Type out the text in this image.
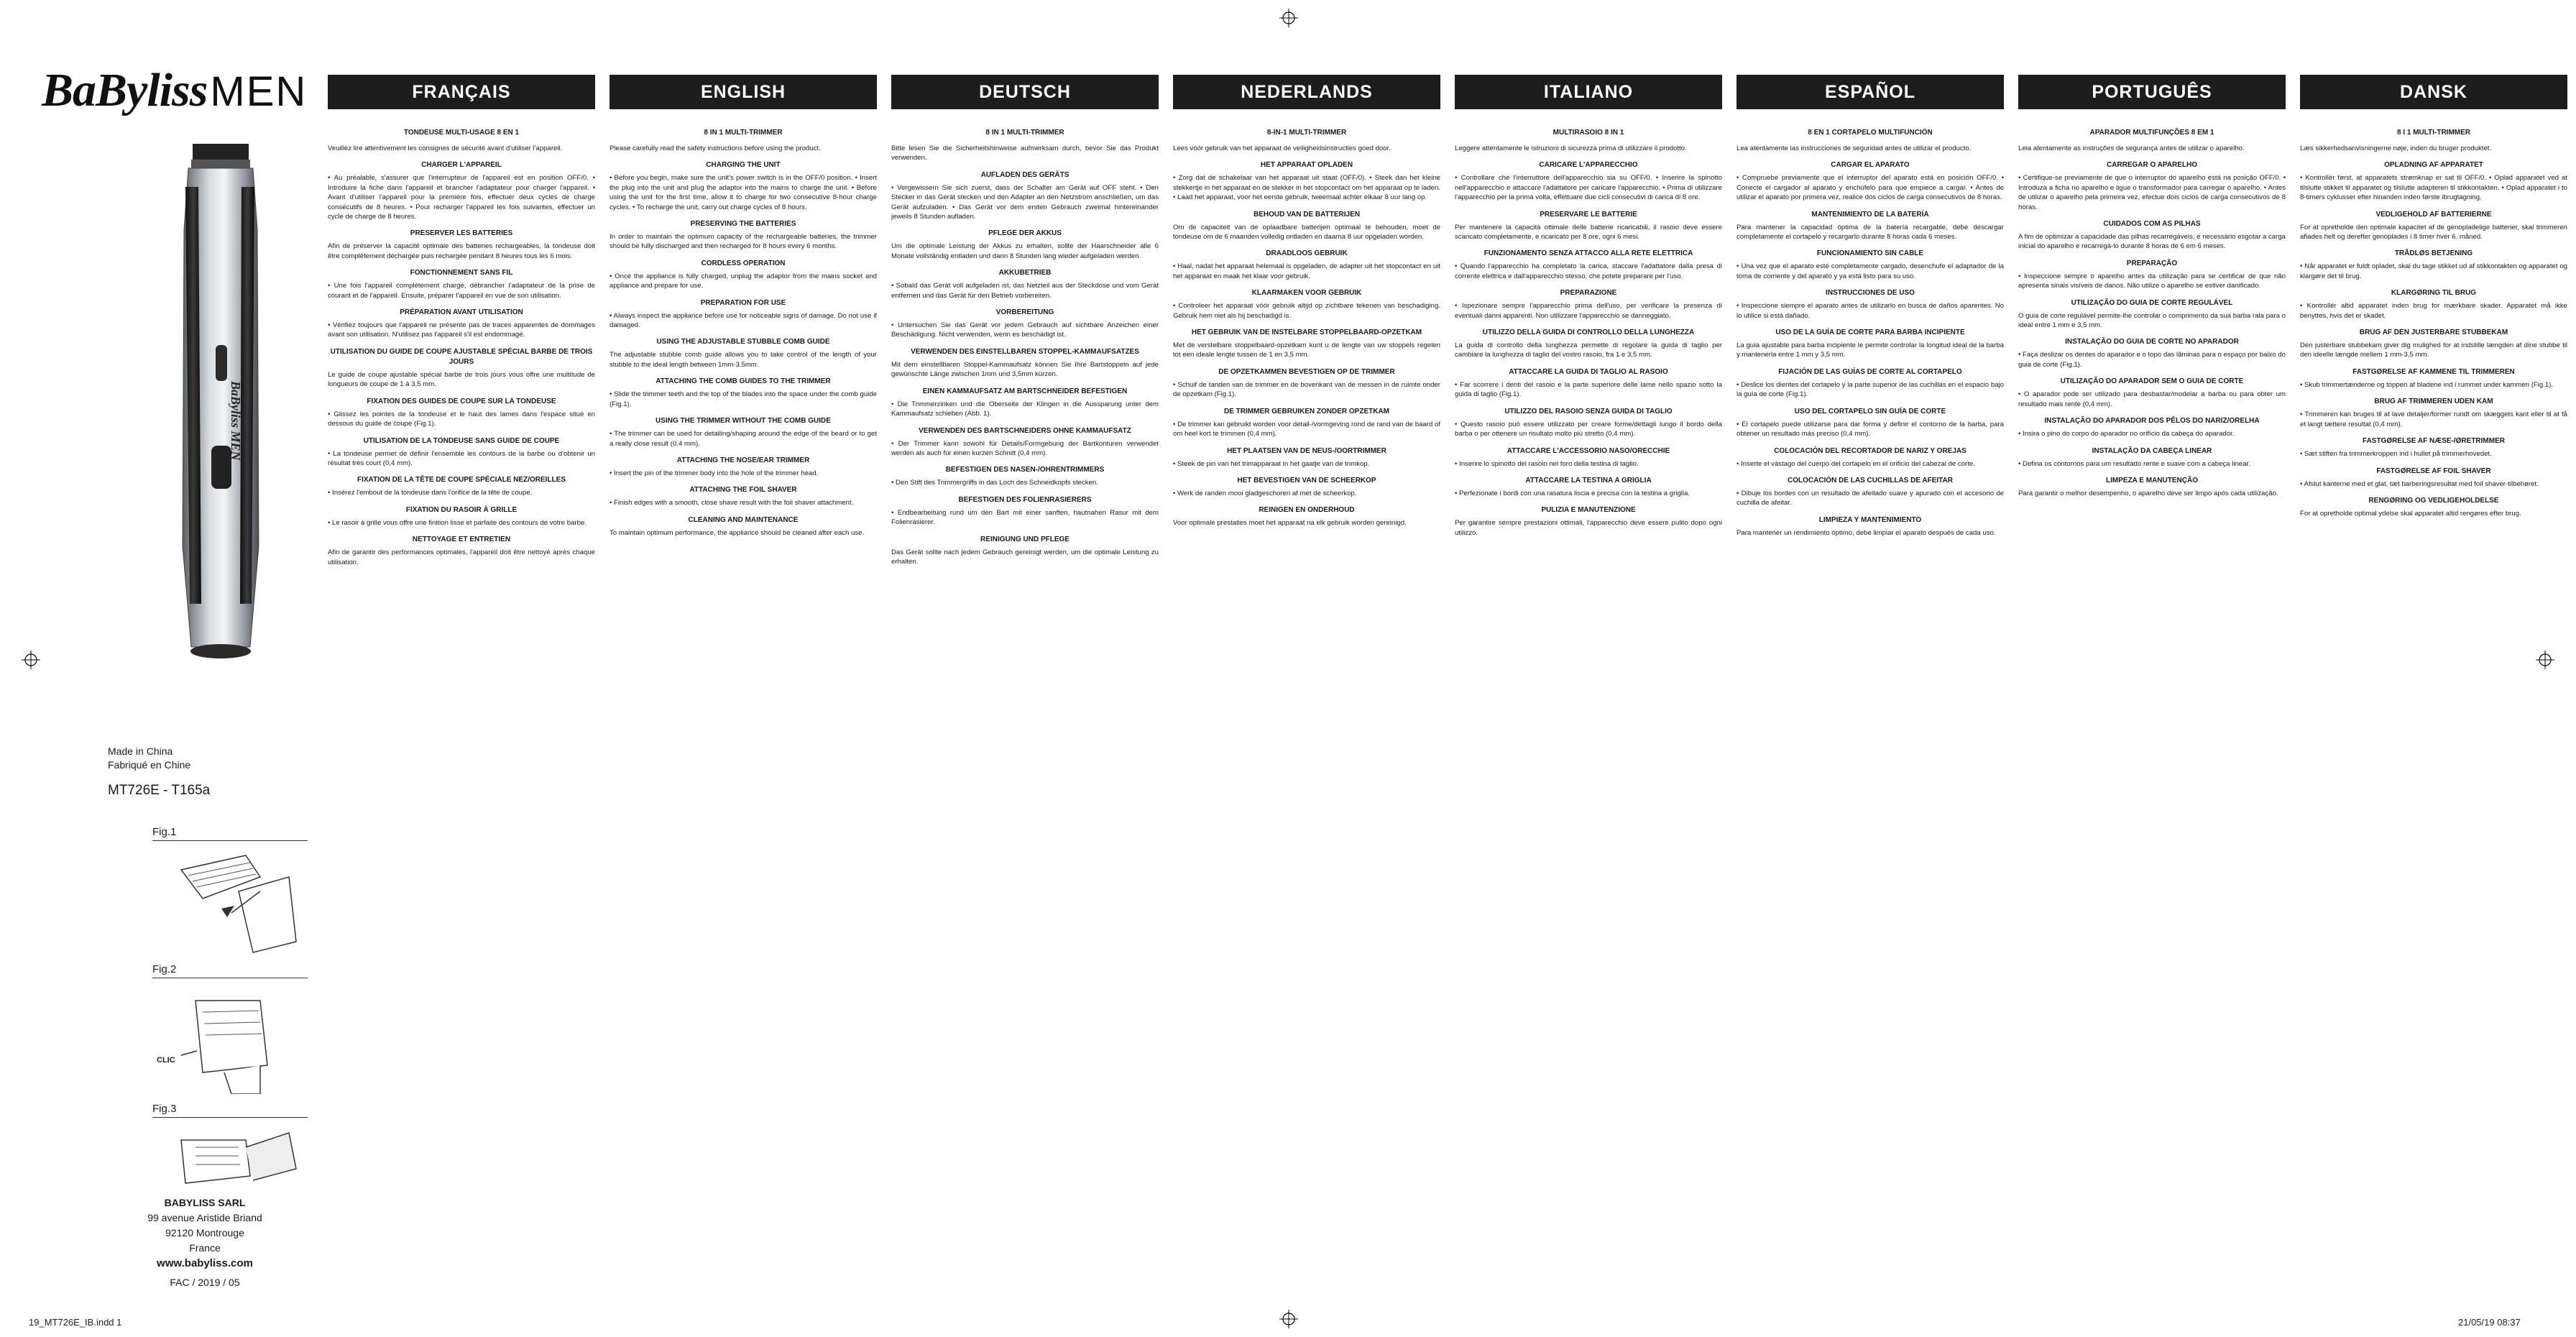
BaBylissMEN
BaByliss MEN
Made in China
Fabriqué en Chine
MT726E - T165a
Fig.1
Fig.2
CLIC
Fig.3
BABYLISS SARL
99 avenue Aristide Briand
92120 Montrouge
France
www.babyliss.com
FAC / 2019 / 05
FRANÇAIS
TONDEUSE MULTI-USAGE 8 EN 1
Veuillez lire attentivement les consignes de sécurité avant d'utiliser l'appareil.
CHARGER L'APPAREIL
• Au préalable, s'assurer que l'interrupteur de l'appareil est en position OFF/0. • Introduire la fiche dans l'appareil et brancher l'adaptateur pour charger l'appareil. • Avant d'utiliser l'appareil pour la première fois, effectuer deux cycles de charge consécutifs de 8 heures. • Pour recharger l'appareil les fois suivantes, effectuer un cycle de charge de 8 heures.
PRESERVER LES BATTERIES
Afin de préserver la capacité optimale des batteries rechargeables, la tondeuse doit être complètement déchargée puis rechargée pendant 8 heures tous les 6 mois.
FONCTIONNEMENT SANS FIL
• Une fois l'appareil complètement chargé, débrancher l'adaptateur de la prise de courant et de l'appareil. Ensuite, préparer l'appareil en vue de son utilisation.
PRÉPARATION AVANT UTILISATION
• Vérifiez toujours que l'appareil ne présente pas de traces apparentes de dommages avant son utilisation. N'utilisez pas l'appareil s'il est endommagé.
UTILISATION DU GUIDE DE COUPE AJUSTABLE SPÉCIAL BARBE DE TROIS JOURS
Le guide de coupe ajustable spécial barbe de trois jours vous offre une multitude de longueurs de coupe de 1 à 3,5 mm.
FIXATION DES GUIDES DE COUPE SUR LA TONDEUSE
• Glissez les pointes de la tondeuse et le haut des lames dans l'espace situé en dessous du guide de coupe (Fig.1).
UTILISATION DE LA TONDEUSE SANS GUIDE DE COUPE
• La tondeuse permet de définir l'ensemble les contours de la barbe ou d'obtenir un résultat très court (0,4 mm).
FIXATION DE LA TÊTE DE COUPE SPÉCIALE NEZ/OREILLES
• Insérez l'embout de la tondeuse dans l'orifice de la tête de coupe.
FIXATION DU RASOIR À GRILLE
• Le rasoir à grille vous offre une finition lisse et parfaite des contours de votre barbe.
NETTOYAGE ET ENTRETIEN
Afin de garantir des performances optimales, l'appareil doit être nettoyé après chaque utilisation.
ENGLISH
8 IN 1 MULTI-TRIMMER
Please carefully read the safety instructions before using the product.
CHARGING THE UNIT
• Before you begin, make sure the unit's power switch is in the OFF/0 position. • Insert the plug into the unit and plug the adaptor into the mains to charge the unit. • Before using the unit for the first time, allow it to charge for two consecutive 8-hour charge cycles. • To recharge the unit, carry out charge cycles of 8 hours.
PRESERVING THE BATTERIES
In order to maintain the optimum capacity of the rechargeable batteries, the trimmer should be fully discharged and then recharged for 8 hours every 6 months.
CORDLESS OPERATION
• Once the appliance is fully charged, unplug the adaptor from the mains socket and appliance and prepare for use.
PREPARATION FOR USE
• Always inspect the appliance before use for noticeable signs of damage. Do not use if damaged.
USING THE ADJUSTABLE STUBBLE COMB GUIDE
The adjustable stubble comb guide allows you to take control of the length of your stubble to the ideal length between 1mm-3.5mm.
ATTACHING THE COMB GUIDES TO THE TRIMMER
• Slide the trimmer teeth and the top of the blades into the space under the comb guide (Fig.1).
USING THE TRIMMER WITHOUT THE COMB GUIDE
• The trimmer can be used for detailing/shaping around the edge of the beard or to get a really close result (0.4 mm).
ATTACHING THE NOSE/EAR TRIMMER
• Insert the pin of the trimmer body into the hole of the trimmer head.
ATTACHING THE FOIL SHAVER
• Finish edges with a smooth, close shave result with the foil shaver attachment.
CLEANING AND MAINTENANCE
To maintain optimum performance, the appliance should be cleaned after each use.
DEUTSCH
8 IN 1 MULTI-TRIMMER
Bitte lesen Sie die Sicherheitshinweise aufmerksam durch, bevor Sie das Produkt verwenden.
AUFLADEN DES GERÄTS
• Vergewissern Sie sich zuerst, dass der Schalter am Gerät auf OFF steht. • Den Stecker in das Gerät stecken und den Adapter an den Netzstrom anschließen, um das Gerät aufzuladen. • Das Gerät vor dem ersten Gebrauch zweimal hintereinander jeweils 8 Stunden aufladen.
PFLEGE DER AKKUS
Um die optimale Leistung der Akkus zu erhalten, sollte der Haarschneider alle 6 Monate vollständig entladen und dann 8 Stunden lang wieder aufgeladen werden.
AKKUBETRIEB
• Sobald das Gerät voll aufgeladen ist, das Netzteil aus der Steckdose und vom Gerät entfernen und das Gerät für den Betrieb vorbereiten.
VORBEREITUNG
• Untersuchen Sie das Gerät vor jedem Gebrauch auf sichtbare Anzeichen einer Beschädigung. Nicht verwenden, wenn es beschädigt ist.
VERWENDEN DES EINSTELLBAREN STOPPEL-KAMMAUFSATZES
Mit dem einstellbaren Stoppel-Kammaufsatz können Sie Ihre Bartstoppeln auf jede gewünschte Länge zwischen 1mm und 3,5mm kürzen.
EINEN KAMMAUFSATZ AM BARTSCHNEIDER BEFESTIGEN
• Die Trimmerzinken und die Oberseite der Klingen in die Aussparung unter dem Kammaufsatz schieben (Abb. 1).
VERWENDEN DES BARTSCHNEIDERS OHNE KAMMAUFSATZ
• Der Trimmer kann sowohl für Details/Formgebung der Bartkonturen verwendet werden als auch für einen kurzen Schnitt (0,4 mm).
BEFESTIGEN DES NASEN-/OHRENTRIMMERS
• Den Stift des Trimmergriffs in das Loch des Schneidkopfs stecken.
BEFESTIGEN DES FOLIENRASIERERS
• Endbearbeitung rund um den Bart mit einer sanften, hautnahen Rasur mit dem Folienrasierer.
REINIGUNG UND PFLEGE
Das Gerät sollte nach jedem Gebrauch gereinigt werden, um die optimale Leistung zu erhalten.
NEDERLANDS
8-IN-1 MULTI-TRIMMER
Lees vóór gebruik van het apparaat de veiligheidsinstructies goed door.
HET APPARAAT OPLADEN
• Zorg dat de schakelaar van het apparaat uit staat (OFF/0). • Steek dan het kleine stekkertje in het apparaat en de stekker in het stopcontact om het apparaat op te laden. • Laad het apparaat, voor het eerste gebruik, tweemaal achter elkaar 8 uur lang op.
BEHOUD VAN DE BATTERIJEN
Om de capaciteit van de oplaadbare batterijen optimaal te behouden, moet de tondeuse om de 6 maanden volledig ontladen en daarna 8 uur opgeladen worden.
DRAADLOOS GEBRUIK
• Haal, nadat het apparaat helemaal is opgeladen, de adapter uit het stopcontact en uit het apparaat en maak het klaar voor gebruik.
KLAARMAKEN VOOR GEBRUIK
• Controleer het apparaat vóór gebruik altijd op zichtbare tekenen van beschadiging. Gebruik hem niet als hij beschadigd is.
HET GEBRUIK VAN DE INSTELBARE STOPPELBAARD-OPZETKAM
Met de verstelbare stoppelbaard-opzetkam kunt u de lengte van uw stoppels regelen tot een ideale lengte tussen de 1 en 3,5 mm.
DE OPZETKAMMEN BEVESTIGEN OP DE TRIMMER
• Schuif de tanden van de trimmer en de bovenkant van de messen in de ruimte onder de opzetkam (Fig.1).
DE TRIMMER GEBRUIKEN ZONDER OPZETKAM
• De trimmer kan gebruikt worden voor detail-/vormgeving rond de rand van de baard of om heel kort te trimmen (0,4 mm).
HET PLAATSEN VAN DE NEUS-/OORTRIMMER
• Steek de pin van het trimapparaat in het gaatje van de trimkop.
HET BEVESTIGEN VAN DE SCHEERKOP
• Werk de randen mooi gladgeschoren af met de scheerkop.
REINIGEN EN ONDERHOUD
Voor optimale prestaties moet het apparaat na elk gebruik worden gereinigd.
ITALIANO
MULTIRASOIO 8 IN 1
Leggere attentamente le istruzioni di sicurezza prima di utilizzare il prodotto.
CARICARE L'APPARECCHIO
• Controllare che l'interruttore dell'apparecchio sia su OFF/0. • Inserire la spinotto nell'apparecchio e attaccare l'adattatore per caricare l'apparecchio. • Prima di utilizzare l'apparecchio per la prima volta, effettuare due cicli consecutivi di carica di 8 ore.
PRESERVARE LE BATTERIE
Per mantenere la capacità ottimale delle batterie ricaricabili, il rasoio deve essere scaricato completamente, e ricaricato per 8 ore, ogni 6 mesi.
FUNZIONAMENTO SENZA ATTACCO ALLA RETE ELETTRICA
• Quando l'apparecchio ha completato la carica, staccare l'adattatore dalla presa di corrente elettrica e dall'apparecchio stesso, che potete preparare per l'uso.
PREPARAZIONE
• Ispezionare sempre l'apparecchio prima dell'uso, per verificare la presenza di eventuali danni apparenti. Non utilizzare l'apparecchio se danneggiato.
UTILIZZO DELLA GUIDA DI CONTROLLO DELLA LUNGHEZZA
La guida di controllo della lunghezza permette di regolare la guida di taglio per cambiare la lunghezza di taglio del vostro rasoio, fra 1 e 3,5 mm.
ATTACCARE LA GUIDA DI TAGLIO AL RASOIO
• Far scorrere i denti del rasoio e la parte superiore delle lame nello spazio sotto la guida di taglio (Fig.1).
UTILIZZO DEL RASOIO SENZA GUIDA DI TAGLIO
• Questo rasoio può essere utilizzato per creare forme/dettagli lungo il bordo della barba o per ottenere un risultato molto più stretto (0,4 mm).
ATTACCARE L'ACCESSORIO NASO/ORECCHIE
• Inserire lo spinotto del rasoio nel foro della testina di taglio.
ATTACCARE LA TESTINA A GRIGLIA
• Perfezionate i bordi con una rasatura liscia e precisa con la testina a griglia.
PULIZIA E MANUTENZIONE
Per garantire sempre prestazioni ottimali, l'apparecchio deve essere pulito dopo ogni utilizzo.
ESPAÑOL
8 EN 1 CORTAPELO MULTIFUNCIÓN
Lea atentamente las instrucciones de seguridad antes de utilizar el producto.
CARGAR EL APARATO
• Compruebe previamente que el interruptor del aparato está en posición OFF/0. • Conecte el cargador al aparato y enchúfelo para que empiece a cargar. • Antes de utilizar el aparato por primera vez, realice dos ciclos de carga consecutivos de 8 horas.
MANTENIMIENTO DE LA BATERÍA
Para mantener la capacidad óptima de la batería recargable, debe descargar completamente el cortapelo y recargarlo durante 8 horas cada 6 meses.
FUNCIONAMIENTO SIN CABLE
• Una vez que el aparato esté completamente cargado, desenchufe el adaptador de la toma de corriente y del aparato y ya está listo para su uso.
INSTRUCCIONES DE USO
• Inspeccione siempre el aparato antes de utilizarlo en busca de daños aparentes. No lo utilice si está dañado.
USO DE LA GUÍA DE CORTE PARA BARBA INCIPIENTE
La guía ajustable para barba incipiente le permite controlar la longitud ideal de la barba y mantenerla entre 1 mm y 3,5 mm.
FIJACIÓN DE LAS GUÍAS DE CORTE AL CORTAPELO
• Deslice los dientes del cortapelo y la parte superior de las cuchillas en el espacio bajo la guía de corte (Fig.1).
USO DEL CORTAPELO SIN GUÍA DE CORTE
• El cortapelo puede utilizarse para dar forma y definir el contorno de la barba, para obtener un resultado más preciso (0,4 mm).
COLOCACIÓN DEL RECORTADOR DE NARIZ Y OREJAS
• Inserte el vástago del cuerpo del cortapelo en el orificio del cabezal de corte.
COLOCACIÓN DE LAS CUCHILLAS DE AFEITAR
• Dibuje los bordes con un resultado de afeitado suave y apurado con el accesorio de cuchilla de afeitar.
LIMPIEZA Y MANTENIMIENTO
Para mantener un rendimiento óptimo, debe limpiar el aparato después de cada uso.
PORTUGUÊS
APARADOR MULTIFUNÇÕES 8 EM 1
Leia atentamente as instruções de segurança antes de utilizar o aparelho.
CARREGAR O APARELHO
• Certifique-se previamente de que o interruptor do aparelho está na posição OFF/0. • Introduza a ficha no aparelho e ligue o transformador para carregar o aparelho. • Antes de utilizar o aparelho pela primeira vez, efectue dois ciclos de carga consecutivos de 8 horas.
CUIDADOS COM AS PILHAS
A fim de optimizar a capacidade das pilhas recarregáveis, é necessário esgotar a carga inicial do aparelho e recarregá-lo durante 8 horas de 6 em 6 meses.
PREPARAÇÃO
• Inspeccione sempre o aparelho antes da utilização para se certificar de que não apresenta sinais visíveis de danos. Não utilize o aparelho se estiver danificado.
UTILIZAÇÃO DO GUIA DE CORTE REGULÁVEL
O guia de corte regulável permite-lhe controlar o comprimento da sua barba rala para o ideal entre 1 mm e 3,5 mm.
INSTALAÇÃO DO GUIA DE CORTE NO APARADOR
• Faça deslizar os dentes do aparador e o topo das lâminas para o espaço por baixo do guia de corte (Fig.1).
UTILIZAÇÃO DO APARADOR SEM O GUIA DE CORTE
• O aparador pode ser utilizado para desbastar/modelar a barba ou para obter um resultado mais rente (0,4 mm).
INSTALAÇÃO DO APARADOR DOS PÊLOS DO NARIZ/ORELHA
• Insira o pino do corpo do aparador no orifício da cabeça do aparador.
INSTALAÇÃO DA CABEÇA LINEAR
• Defina os contornos para um resultado rente e suave com a cabeça linear.
LIMPEZA E MANUTENÇÃO
Para garantir o melhor desempenho, o aparelho deve ser limpo após cada utilização.
DANSK
8 I 1 MULTI-TRIMMER
Læs sikkerhedsanvisningerne nøje, inden du bruger produktet.
OPLADNING AF APPARATET
• Kontrollér først, at apparatets strømknap er sat til OFF/0. • Oplad apparatet ved at tilslutte stikket til apparatet og tilslutte adapteren til stikkontakten. • Oplad apparatet i to 8-timers cyklusser efter hinanden inden første ibrugtagning.
VEDLIGEHOLD AF BATTERIERNE
For at opretholde den optimale kapacitet af de genopladelige batterier, skal trimmeren aflades helt og derefter genoplades i 8 timer hver 6. måned.
TRÅDLØS BETJENING
• Når apparatet er fuldt opladet, skal du tage stikket ud af stikkontakten og apparatet og klargøre det til brug.
KLARGØRING TIL BRUG
• Kontrollér altid apparatet inden brug for mærkbare skader. Apparatet må ikke benyttes, hvis det er skadet.
BRUG AF DEN JUSTERBARE STUBBEKAM
Den justerbare stubbekam giver dig mulighed for at indstille længden af dine stubbe til den ideelle længde mellem 1 mm-3,5 mm.
FASTGØRELSE AF KAMMENE TIL TRIMMEREN
• Skub trimmertænderne og toppen af bladene ind i rummet under kammen (Fig.1).
BRUG AF TRIMMEREN UDEN KAM
• Trimmeren kan bruges til at lave detaljer/former rundt om skæggets kant eller til at få et langt tættere resultat (0,4 mm).
FASTGØRELSE AF NÆSE-/ØRETRIMMER
• Sæt stiften fra trimmerkroppen ind i hullet på trimmerhovedet.
FASTGØRELSE AF FOIL SHAVER
• Afslut kanterne med et glat, tæt barberingsresultat med foil shaver-tilbehøret.
RENGØRING OG VEDLIGEHOLDELSE
For at opretholde optimal ydelse skal apparatet altid rengøres efter brug.
19_MT726E_IB.indd 1	21/05/19 08:37
